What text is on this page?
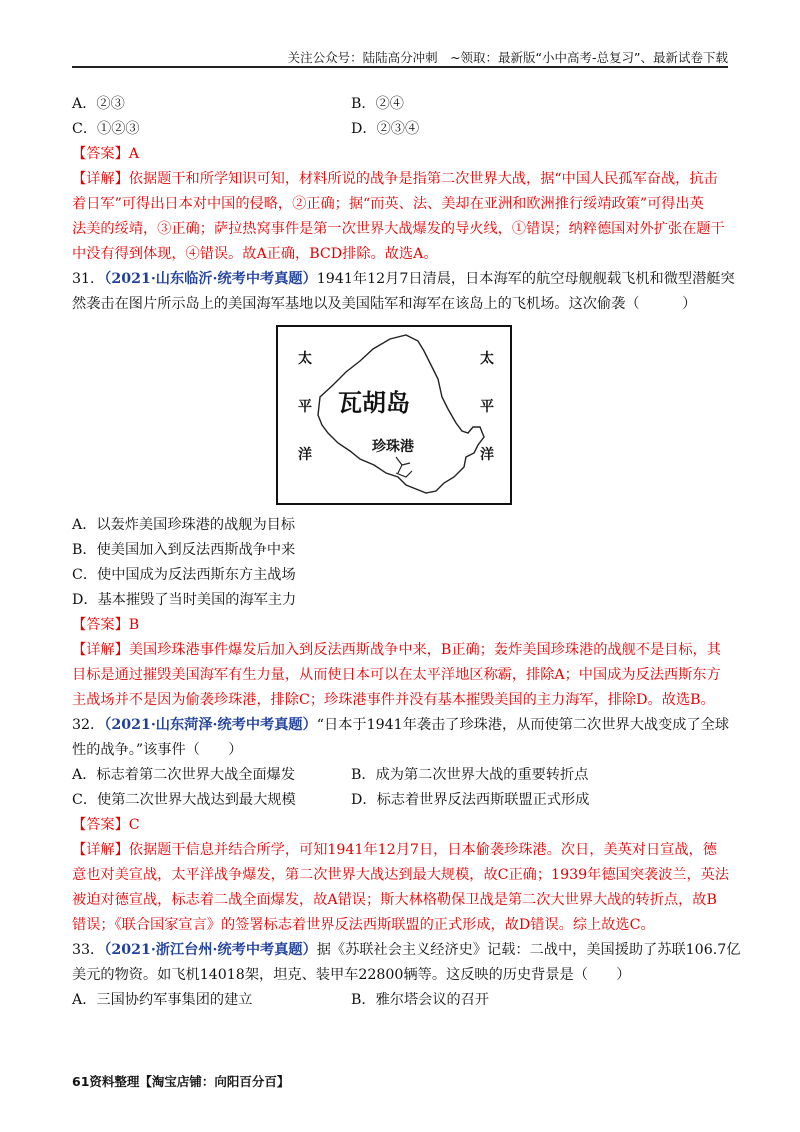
关注公众号：陆陆高分冲刺　~领取：最新版“小中高考-总复习”、最新试卷下载
A．②③	B．②④
C．①②③	D．②③④
【答案】A
【详解】依据题干和所学知识可知，材料所说的战争是指第二次世界大战，据“中国人民孤军奋战，抗击
着日军”可得出日本对中国的侵略，②正确；据“而英、法、美却在亚洲和欧洲推行绥靖政策”可得出英
法美的绥靖，③正确；萨拉热窝事件是第一次世界大战爆发的导火线，①错误；纳粹德国对外扩张在题干
中没有得到体现，④错误。故A正确，BCD排除。故选A。
31．（2021·山东临沂·统考中考真题）1941年12月7日清晨，日本海军的航空母舰舰载飞机和微型潜艇突
然袭击在图片所示岛上的美国海军基地以及美国陆军和海军在该岛上的飞机场。这次偷袭（　　　）
太
平
洋
太
平
洋
瓦胡岛
珍珠港
A．以轰炸美国珍珠港的战舰为目标
B．使美国加入到反法西斯战争中来
C．使中国成为反法西斯东方主战场
D．基本摧毁了当时美国的海军主力
【答案】B
【详解】美国珍珠港事件爆发后加入到反法西斯战争中来，B正确；轰炸美国珍珠港的战舰不是目标，其
目标是通过摧毁美国海军有生力量，从而使日本可以在太平洋地区称霸，排除A；中国成为反法西斯东方
主战场并不是因为偷袭珍珠港，排除C；珍珠港事件并没有基本摧毁美国的主力海军，排除D。故选B。
32．（2021·山东菏泽·统考中考真题）“日本于1941年袭击了珍珠港，从而使第二次世界大战变成了全球
性的战争。”该事件（　　）
A．标志着第二次世界大战全面爆发	B．成为第二次世界大战的重要转折点
C．使第二次世界大战达到最大规模	D．标志着世界反法西斯联盟正式形成
【答案】C
【详解】依据题干信息并结合所学，可知1941年12月7日，日本偷袭珍珠港。次日，美英对日宣战，德
意也对美宣战，太平洋战争爆发，第二次世界大战达到最大规模，故C正确；1939年德国突袭波兰，英法
被迫对德宣战，标志着二战全面爆发，故A错误；斯大林格勒保卫战是第二次大世界大战的转折点，故B
错误；《联合国家宣言》的签署标志着世界反法西斯联盟的正式形成，故D错误。综上故选C。
33．（2021·浙江台州·统考中考真题）据《苏联社会主义经济史》记载：二战中，美国援助了苏联106.7亿
美元的物资。如飞机14018架，坦克、装甲车22800辆等。这反映的历史背景是（　　）
A．三国协约军事集团的建立	B．雅尔塔会议的召开
61资料整理【淘宝店铺：向阳百分百】
